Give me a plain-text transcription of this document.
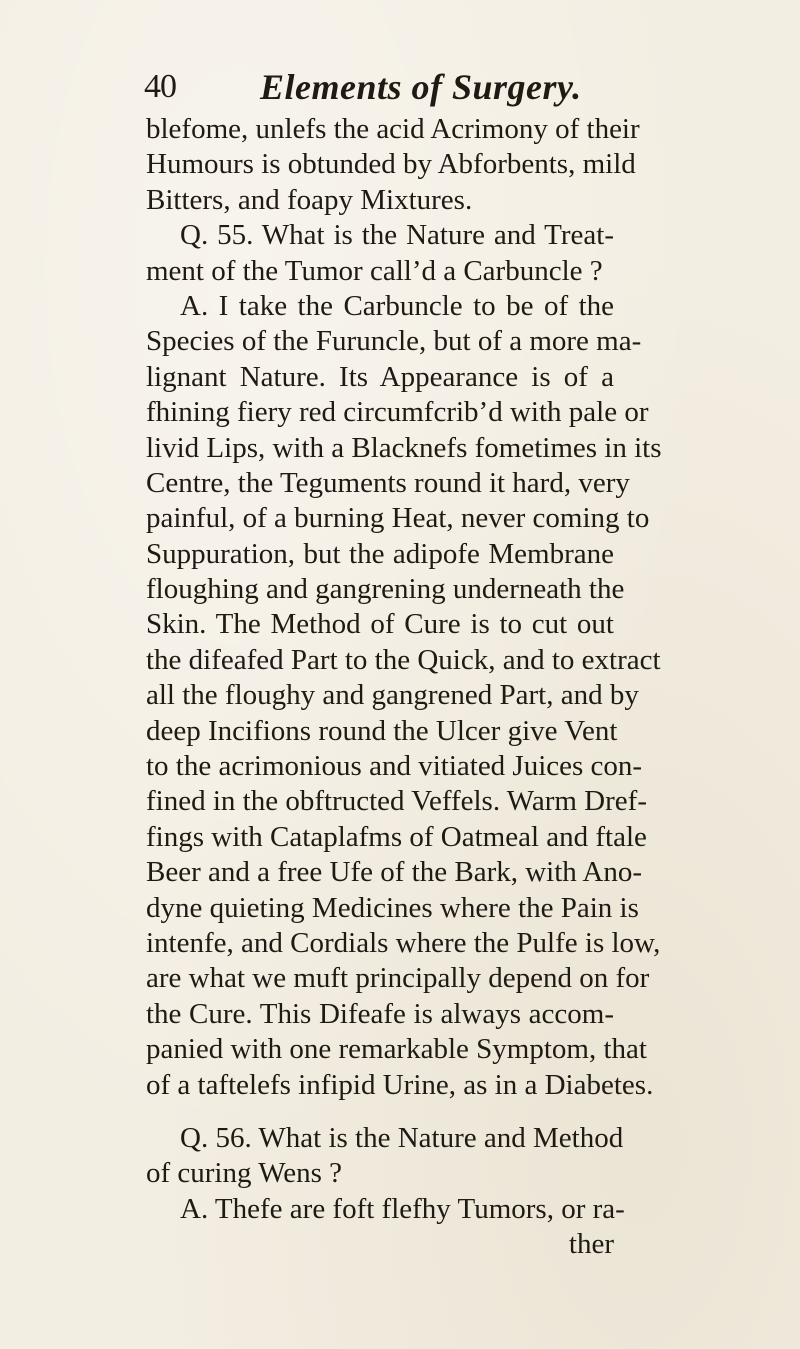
40 Elements of Surgery.
blefome, unlefs the acid Acrimony of their
Humours is obtunded by Abforbents, mild
Bitters, and foapy Mixtures.
Q. 55. What is the Nature and Treat-
ment of the Tumor call’d a Carbuncle ?
A. I take the Carbuncle to be of the
Species of the Furuncle, but of a more ma-
lignant Nature. Its Appearance is of a
fhining fiery red circumfcrib’d with pale or
livid Lips, with a Blacknefs fometimes in its
Centre, the Teguments round it hard, very
painful, of a burning Heat, never coming to
Suppuration, but the adipofe Membrane
floughing and gangrening underneath the
Skin. The Method of Cure is to cut out
the difeafed Part to the Quick, and to extract
all the floughy and gangrened Part, and by
deep Incifions round the Ulcer give Vent
to the acrimonious and vitiated Juices con-
fined in the obftructed Veffels. Warm Dref-
fings with Cataplafms of Oatmeal and ftale
Beer and a free Ufe of the Bark, with Ano-
dyne quieting Medicines where the Pain is
intenfe, and Cordials where the Pulfe is low,
are what we muft principally depend on for
the Cure. This Difeafe is always accom-
panied with one remarkable Symptom, that
of a taftelefs infipid Urine, as in a Diabetes.
Q. 56. What is the Nature and Method
of curing Wens ?
A. Thefe are foft flefhy Tumors, or ra-
ther
